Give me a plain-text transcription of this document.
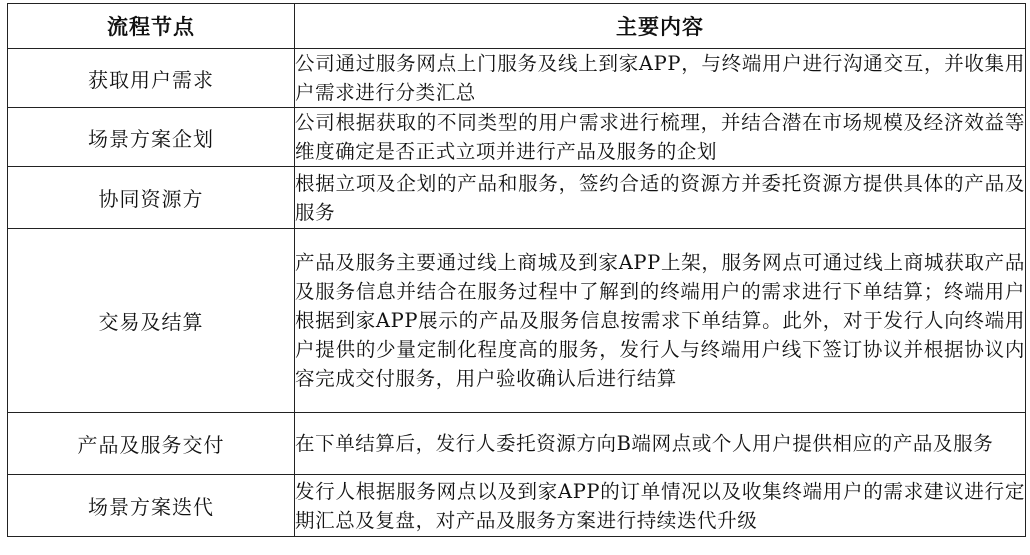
流程节点	主要内容
获取用户需求	公司通过服务网点上门服务及线上到家APP，与终端用户进行沟通交互，并收集用户需求进行分类汇总
场景方案企划	公司根据获取的不同类型的用户需求进行梳理，并结合潜在市场规模及经济效益等维度确定是否正式立项并进行产品及服务的企划
协同资源方	根据立项及企划的产品和服务，签约合适的资源方并委托资源方提供具体的产品及服务
交易及结算	产品及服务主要通过线上商城及到家APP上架，服务网点可通过线上商城获取产品及服务信息并结合在服务过程中了解到的终端用户的需求进行下单结算；终端用户根据到家APP展示的产品及服务信息按需求下单结算。此外，对于发行人向终端用户提供的少量定制化程度高的服务，发行人与终端用户线下签订协议并根据协议内容完成交付服务，用户验收确认后进行结算
产品及服务交付	在下单结算后，发行人委托资源方向B端网点或个人用户提供相应的产品及服务
场景方案迭代	发行人根据服务网点以及到家APP的订单情况以及收集终端用户的需求建议进行定期汇总及复盘，对产品及服务方案进行持续迭代升级
